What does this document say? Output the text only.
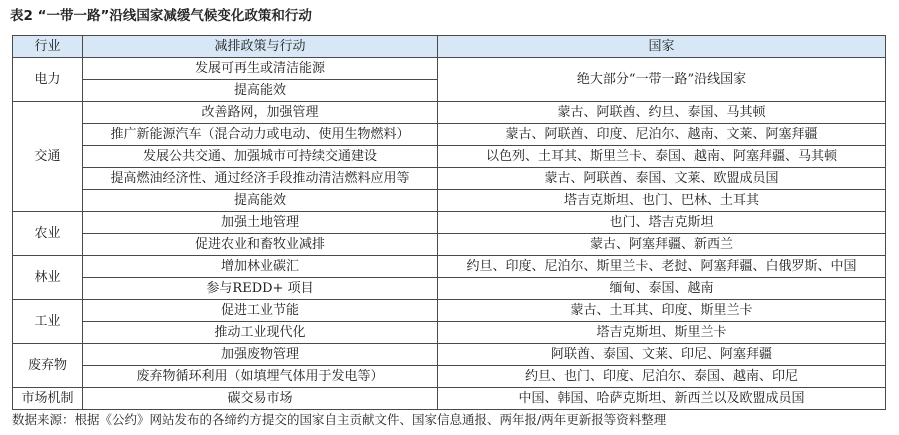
表2 “一带一路”沿线国家减缓气候变化政策和行动
行业	减排政策与行动	国家
电力	发展可再生或清洁能源	绝大部分“一带一路”沿线国家
	提高能效	
交通	改善路网，加强管理	蒙古、阿联酋、约旦、泰国、马其顿
	推广新能源汽车（混合动力或电动、使用生物燃料）	蒙古、阿联酋、印度、尼泊尔、越南、文莱、阿塞拜疆
	发展公共交通、加强城市可持续交通建设	以色列、土耳其、斯里兰卡、泰国、越南、阿塞拜疆、马其顿
	提高燃油经济性、通过经济手段推动清洁燃料应用等	蒙古、阿联酋、泰国、文莱、欧盟成员国
	提高能效	塔吉克斯坦、也门、巴林、土耳其
农业	加强土地管理	也门、塔吉克斯坦
	促进农业和畜牧业减排	蒙古、阿塞拜疆、新西兰
林业	增加林业碳汇	约旦、印度、尼泊尔、斯里兰卡、老挝、阿塞拜疆、白俄罗斯、中国
	参与REDD+ 项目	缅甸、泰国、越南
工业	促进工业节能	蒙古、土耳其、印度、斯里兰卡
	推动工业现代化	塔吉克斯坦、斯里兰卡
废弃物	加强废物管理	阿联酋、泰国、文莱、印尼、阿塞拜疆
	废弃物循环利用（如填埋气体用于发电等）	约旦、也门、印度、尼泊尔、泰国、越南、印尼
市场机制	碳交易市场	中国、韩国、哈萨克斯坦、新西兰以及欧盟成员国
数据来源：根据《公约》网站发布的各缔约方提交的国家自主贡献文件、国家信息通报、两年报/两年更新报等资料整理
